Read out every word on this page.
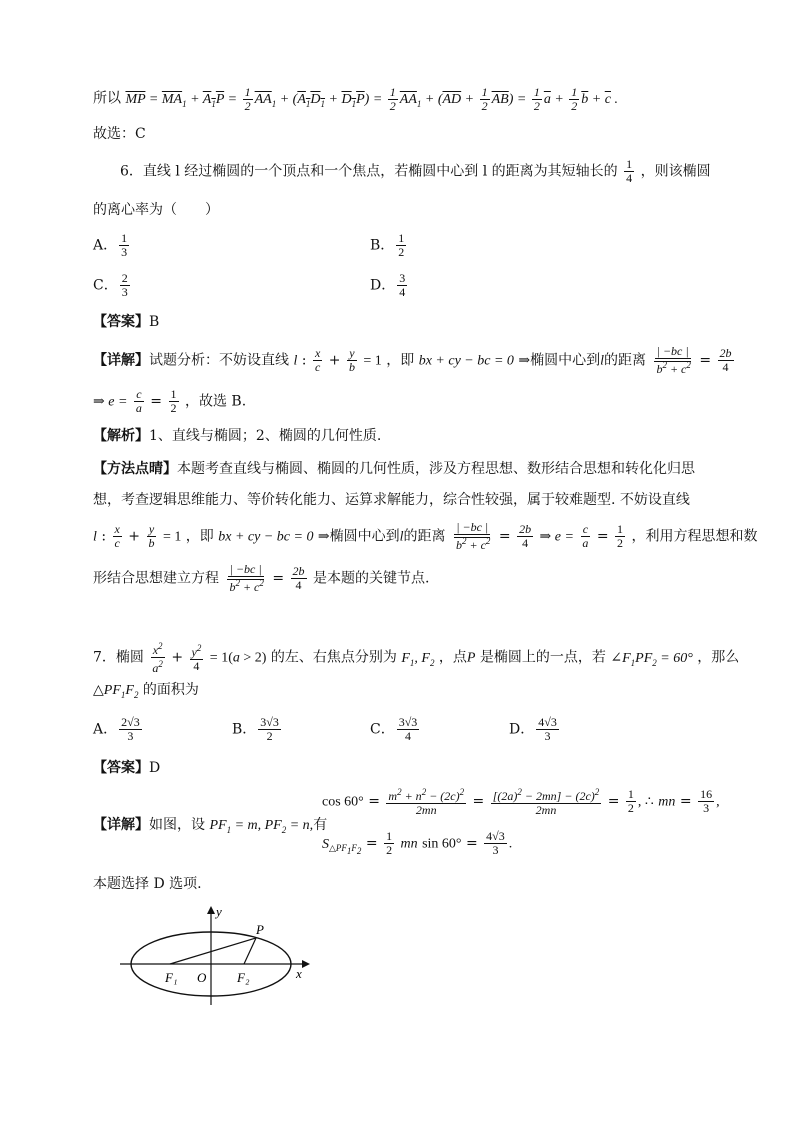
所以 $\overline{MP} = \overline{MA}_1 + A_1P = \frac{1}{2} \overline{AA}_1 + (A_1D_1 + D_1P) = \frac{1}{2} \overline{AA}_1 + (\overline{AD} + \frac{1}{2} \overline{AB}) = \frac{1}{2} \overline{a} + \frac{1}{2} \overline{b} + \overline{c}$ .
故选：C
6．直线 l 经过椭圆的一个顶点和一个焦点，若椭圆中心到 l 的距离为其短轴长的 $\frac{1}{4}$ ，则该椭圆
的离心率为（　　）
A． $\frac{1}{3}$	B． $\frac{1}{2}$
C． $\frac{2}{3}$	D． $\frac{3}{4}$
【答案】B
【详解】试题分析：不妨设直线 l : $\frac{x}{c} + \frac{y}{b} = 1$ ，即 bx + cy − bc = 0 ⇒椭圆中心到l的距离 $\frac{| -bc |}{b^2 + c^2} = \frac{2b}{4}$
⇒ $e = \frac{c}{a} = \frac{1}{2}$ ，故选 B.
【解析】1、直线与椭圆；2、椭圆的几何性质.
【方法点晴】本题考查直线与椭圆、椭圆的几何性质，涉及方程思想、数形结合思想和转化化归思
想，考查逻辑思维能力、等价转化能力、运算求解能力，综合性较强，属于较难题型. 不妨设直线
l : $\frac{x}{c} + \frac{y}{b} = 1$ ，即 bx + cy − bc = 0 ⇒椭圆中心到l的距离 $\frac{| -bc |}{b^2 + c^2} = \frac{2b}{4}$ ⇒ $e = \frac{c}{a} = \frac{1}{2}$ ，利用方程思想和数
形结合思想建立方程 $\frac{| -bc |}{b^2 + c^2} = \frac{2b}{4}$ 是本题的关键节点.
7．椭圆 $\frac{x^2}{a^2} + \frac{y^2}{4} = 1(a > 2)$ 的左、右焦点分别为 $F_1$, $F_2$ ，点P 是椭圆上的一点，若 $\angle F_1PF_2 = 60^\circ$ ，那么
$\triangle PF_1F_2$ 的面积为
A． $\frac{2√3}{3}$	B． $\frac{3√3}{2}$	C． $\frac{3√3}{4}$	D． $\frac{4√3}{3}$
【答案】D
【详解】如图，设 $PF_1 = m$, $PF_2 = n$,有
$\cos 60^\circ = \frac{m^2 + n^2 - (2c)^2}{2mn} = \frac{[(2a)^2 - 2mn] - (2c)^2}{2mn} = \frac{1}{2}$ , ∴ mn = $\frac{16}{3}$ ,
$S_{\triangle PF_1F_2} = \frac{1}{2}$ mn $\sin 60^\circ = \frac{4√3}{3}$ .
本题选择 D 选项.
y
P
F₁ O F₂	x
